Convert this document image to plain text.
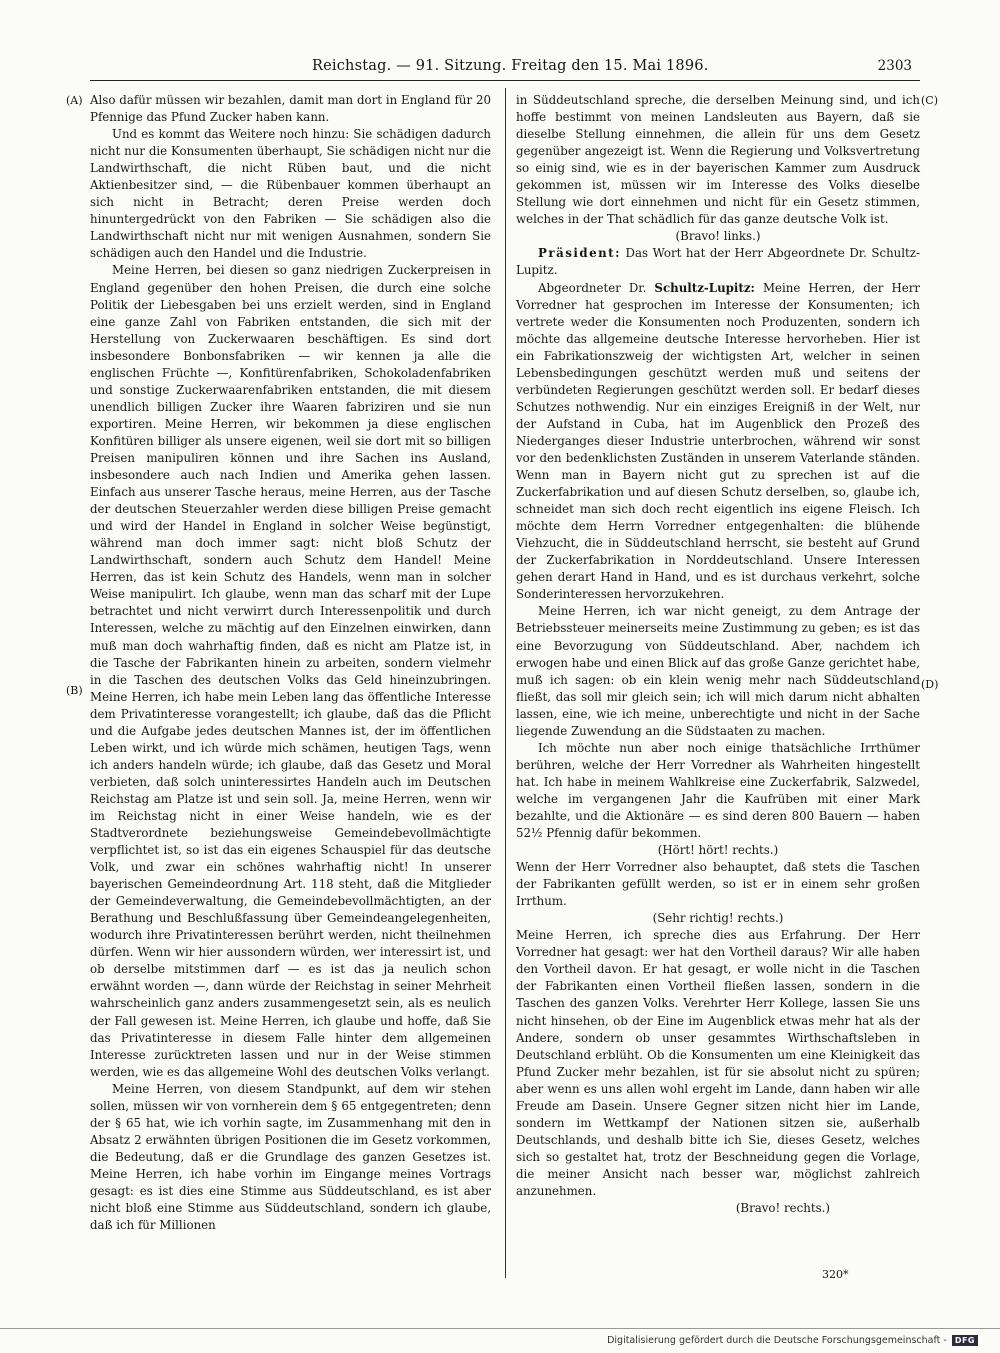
Reichstag. — 91. Sitzung. Freitag den 15. Mai 1896.	2303
(A)
(B)
(C)
(D)

Also dafür müssen wir bezahlen, damit man dort in England für 20 Pfennige das Pfund Zucker haben kann.

Und es kommt das Weitere noch hinzu: Sie schädigen dadurch nicht nur die Konsumenten überhaupt, Sie schädigen nicht nur die Landwirthschaft, die nicht Rüben baut, und die nicht Aktienbesitzer sind, — die Rübenbauer kommen überhaupt an sich nicht in Betracht; deren Preise werden doch hinuntergedrückt von den Fabriken — Sie schädigen also die Landwirthschaft nicht nur mit wenigen Ausnahmen, sondern Sie schädigen auch den Handel und die Industrie.

Meine Herren, bei diesen so ganz niedrigen Zuckerpreisen in England gegenüber den hohen Preisen, die durch eine solche Politik der Liebesgaben bei uns erzielt werden, sind in England eine ganze Zahl von Fabriken entstanden, die sich mit der Herstellung von Zuckerwaaren beschäftigen. Es sind dort insbesondere Bonbonsfabriken — wir kennen ja alle die englischen Früchte —, Konfitürenfabriken, Schokoladenfabriken und sonstige Zuckerwaarenfabriken entstanden, die mit diesem unendlich billigen Zucker ihre Waaren fabriziren und sie nun exportiren. Meine Herren, wir bekommen ja diese englischen Konfitüren billiger als unsere eigenen, weil sie dort mit so billigen Preisen manipuliren können und ihre Sachen ins Ausland, insbesondere auch nach Indien und Amerika gehen lassen. Einfach aus unserer Tasche heraus, meine Herren, aus der Tasche der deutschen Steuerzahler werden diese billigen Preise gemacht und wird der Handel in England in solcher Weise begünstigt, während man doch immer sagt: nicht bloß Schutz der Landwirthschaft, sondern auch Schutz dem Handel! Meine Herren, das ist kein Schutz des Handels, wenn man in solcher Weise manipulirt. Ich glaube, wenn man das scharf mit der Lupe betrachtet und nicht verwirrt durch Interessenpolitik und durch Interessen, welche zu mächtig auf den Einzelnen einwirken, dann muß man doch wahrhaftig finden, daß es nicht am Platze ist, in die Tasche der Fabrikanten hinein zu arbeiten, sondern vielmehr in die Taschen des deutschen Volks das Geld hineinzubringen. Meine Herren, ich habe mein Leben lang das öffentliche Interesse dem Privatinteresse vorangestellt; ich glaube, daß das die Pflicht und die Aufgabe jedes deutschen Mannes ist, der im öffentlichen Leben wirkt, und ich würde mich schämen, heutigen Tags, wenn ich anders handeln würde; ich glaube, daß das Gesetz und Moral verbieten, daß solch uninteressirtes Handeln auch im Deutschen Reichstag am Platze ist und sein soll. Ja, meine Herren, wenn wir im Reichstag nicht in einer Weise handeln, wie es der Stadtverordnete beziehungsweise Gemeindebevollmächtigte verpflichtet ist, so ist das ein eigenes Schauspiel für das deutsche Volk, und zwar ein schönes wahrhaftig nicht! In unserer bayerischen Gemeindeordnung Art. 118 steht, daß die Mitglieder der Gemeindeverwaltung, die Gemeindebevollmächtigten, an der Berathung und Beschlußfassung über Gemeindeangelegenheiten, wodurch ihre Privatinteressen berührt werden, nicht theilnehmen dürfen. Wenn wir hier aussondern würden, wer interessirt ist, und ob derselbe mitstimmen darf — es ist das ja neulich schon erwähnt worden —, dann würde der Reichstag in seiner Mehrheit wahrscheinlich ganz anders zusammengesetzt sein, als es neulich der Fall gewesen ist. Meine Herren, ich glaube und hoffe, daß Sie das Privatinteresse in diesem Falle hinter dem allgemeinen Interesse zurücktreten lassen und nur in der Weise stimmen werden, wie es das allgemeine Wohl des deutschen Volks verlangt.

Meine Herren, von diesem Standpunkt, auf dem wir stehen sollen, müssen wir von vornherein dem § 65 entgegentreten; denn der § 65 hat, wie ich vorhin sagte, im Zusammenhang mit den in Absatz 2 erwähnten übrigen Positionen die im Gesetz vorkommen, die Bedeutung, daß er die Grundlage des ganzen Gesetzes ist. Meine Herren, ich habe vorhin im Eingange meines Vortrags gesagt: es ist dies eine Stimme aus Süddeutschland, es ist aber nicht bloß eine Stimme aus Süddeutschland, sondern ich glaube, daß ich für Millionen

in Süddeutschland spreche, die derselben Meinung sind, und ich hoffe bestimmt von meinen Landsleuten aus Bayern, daß sie dieselbe Stellung einnehmen, die allein für uns dem Gesetz gegenüber angezeigt ist. Wenn die Regierung und Volksvertretung so einig sind, wie es in der bayerischen Kammer zum Ausdruck gekommen ist, müssen wir im Interesse des Volks dieselbe Stellung wie dort einnehmen und nicht für ein Gesetz stimmen, welches in der That schädlich für das ganze deutsche Volk ist.

(Bravo! links.)

Präsident: Das Wort hat der Herr Abgeordnete Dr. Schultz-Lupitz.

Abgeordneter Dr. Schultz-Lupitz: Meine Herren, der Herr Vorredner hat gesprochen im Interesse der Konsumenten; ich vertrete weder die Konsumenten noch Produzenten, sondern ich möchte das allgemeine deutsche Interesse hervorheben. Hier ist ein Fabrikationszweig der wichtigsten Art, welcher in seinen Lebensbedingungen geschützt werden muß und seitens der verbündeten Regierungen geschützt werden soll. Er bedarf dieses Schutzes nothwendig. Nur ein einziges Ereigniß in der Welt, nur der Aufstand in Cuba, hat im Augenblick den Prozeß des Niederganges dieser Industrie unterbrochen, während wir sonst vor den bedenklichsten Zuständen in unserem Vaterlande ständen. Wenn man in Bayern nicht gut zu sprechen ist auf die Zuckerfabrikation und auf diesen Schutz derselben, so, glaube ich, schneidet man sich doch recht eigentlich ins eigene Fleisch. Ich möchte dem Herrn Vorredner entgegenhalten: die blühende Viehzucht, die in Süddeutschland herrscht, sie besteht auf Grund der Zuckerfabrikation in Norddeutschland. Unsere Interessen gehen derart Hand in Hand, und es ist durchaus verkehrt, solche Sonderinteressen hervorzukehren.

Meine Herren, ich war nicht geneigt, zu dem Antrage der Betriebssteuer meinerseits meine Zustimmung zu geben; es ist das eine Bevorzugung von Süddeutschland. Aber, nachdem ich erwogen habe und einen Blick auf das große Ganze gerichtet habe, muß ich sagen: ob ein klein wenig mehr nach Süddeutschland fließt, das soll mir gleich sein; ich will mich darum nicht abhalten lassen, eine, wie ich meine, unberechtigte und nicht in der Sache liegende Zuwendung an die Südstaaten zu machen.

Ich möchte nun aber noch einige thatsächliche Irrthümer berühren, welche der Herr Vorredner als Wahrheiten hingestellt hat. Ich habe in meinem Wahlkreise eine Zuckerfabrik, Salzwedel, welche im vergangenen Jahr die Kaufrüben mit einer Mark bezahlte, und die Aktionäre — es sind deren 800 Bauern — haben 52½ Pfennig dafür bekommen.

(Hört! hört! rechts.)

Wenn der Herr Vorredner also behauptet, daß stets die Taschen der Fabrikanten gefüllt werden, so ist er in einem sehr großen Irrthum.

(Sehr richtig! rechts.)

Meine Herren, ich spreche dies aus Erfahrung. Der Herr Vorredner hat gesagt: wer hat den Vortheil daraus? Wir alle haben den Vortheil davon. Er hat gesagt, er wolle nicht in die Taschen der Fabrikanten einen Vortheil fließen lassen, sondern in die Taschen des ganzen Volks. Verehrter Herr Kollege, lassen Sie uns nicht hinsehen, ob der Eine im Augenblick etwas mehr hat als der Andere, sondern ob unser gesammtes Wirthschaftsleben in Deutschland erblüht. Ob die Konsumenten um eine Kleinigkeit das Pfund Zucker mehr bezahlen, ist für sie absolut nicht zu spüren; aber wenn es uns allen wohl ergeht im Lande, dann haben wir alle Freude am Dasein. Unsere Gegner sitzen nicht hier im Lande, sondern im Wettkampf der Nationen sitzen sie, außerhalb Deutschlands, und deshalb bitte ich Sie, dieses Gesetz, welches sich so gestaltet hat, trotz der Beschneidung gegen die Vorlage, die meiner Ansicht nach besser war, möglichst zahlreich anzunehmen.

(Bravo! rechts.)

320*
Digitalisierung gefördert durch die Deutsche Forschungsgemeinschaft -	DFG
